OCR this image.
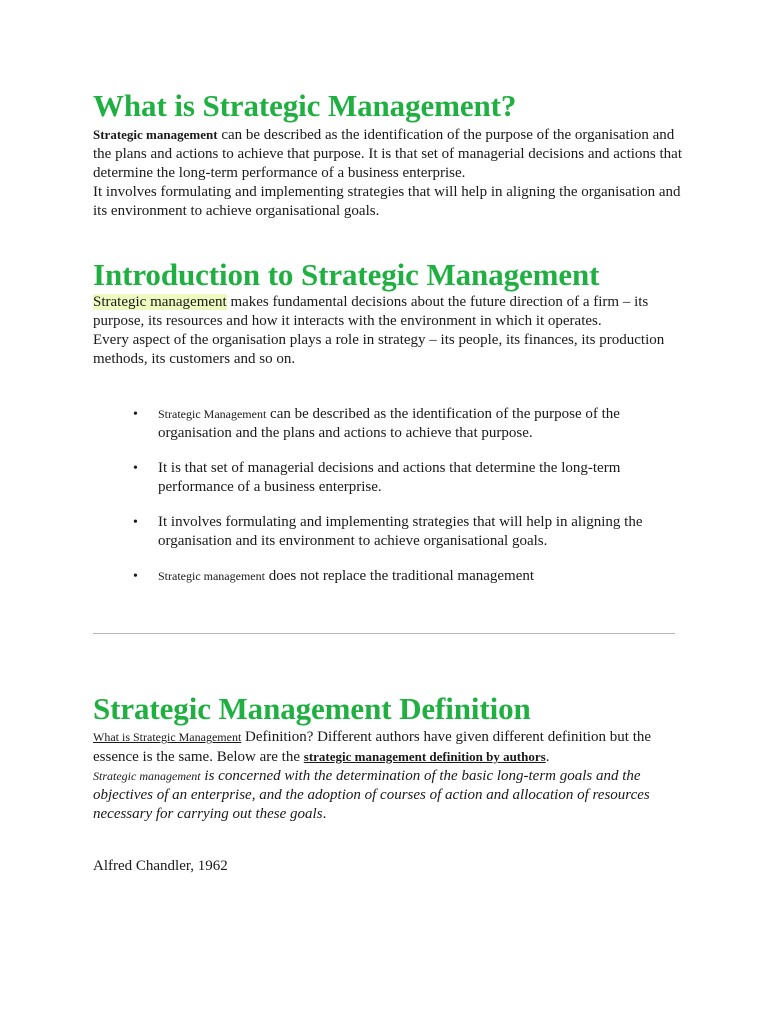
What is Strategic Management?

Strategic management can be described as the identification of the purpose of the organisation and the plans and actions to achieve that purpose. It is that set of managerial decisions and actions that determine the long-term performance of a business enterprise.
It involves formulating and implementing strategies that will help in aligning the organisation and its environment to achieve organisational goals.

Introduction to Strategic Management

Strategic management makes fundamental decisions about the future direction of a firm – its purpose, its resources and how it interacts with the environment in which it operates.
Every aspect of the organisation plays a role in strategy – its people, its finances, its production methods, its customers and so on.

• Strategic Management can be described as the identification of the purpose of the organisation and the plans and actions to achieve that purpose.
• It is that set of managerial decisions and actions that determine the long-term performance of a business enterprise.
• It involves formulating and implementing strategies that will help in aligning the organisation and its environment to achieve organisational goals.
• Strategic management does not replace the traditional management
Strategic Management Definition

What is Strategic Management Definition? Different authors have given different definition but the essence is the same. Below are the strategic management definition by authors.
Strategic management is concerned with the determination of the basic long-term goals and the objectives of an enterprise, and the adoption of courses of action and allocation of resources necessary for carrying out these goals.

Alfred Chandler, 1962
